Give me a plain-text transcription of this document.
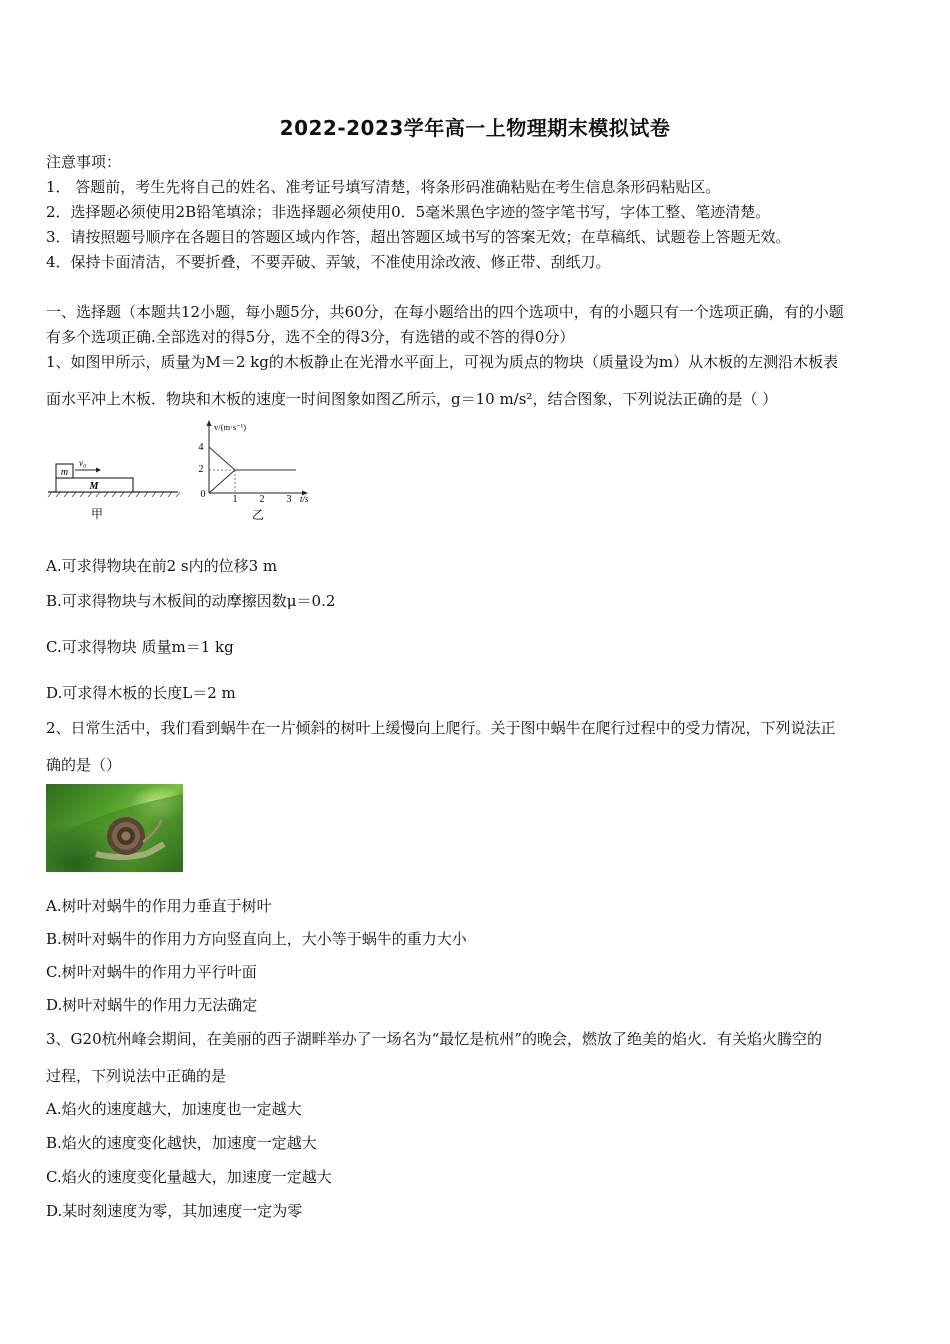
2022-2023学年高一上物理期末模拟试卷
注意事项：
1． 答题前，考生先将自己的姓名、准考证号填写清楚，将条形码准确粘贴在考生信息条形码粘贴区。
2．选择题必须使用2B铅笔填涂；非选择题必须使用0．5毫米黑色字迹的签字笔书写，字体工整、笔迹清楚。
3．请按照题号顺序在各题目的答题区域内作答，超出答题区域书写的答案无效；在草稿纸、试题卷上答题无效。
4．保持卡面清洁，不要折叠，不要弄破、弄皱，不准使用涂改液、修正带、刮纸刀。
一、选择题（本题共12小题，每小题5分，共60分，在每小题给出的四个选项中，有的小题只有一个选项正确，有的小题
有多个选项正确.全部选对的得5分，选不全的得3分，有选错的或不答的得0分）
1、如图甲所示，质量为M＝2 kg的木板静止在光滑水平面上，可视为质点的物块（质量设为m）从木板的左测沿木板表
面水平冲上木板．物块和木板的速度一时间图象如图乙所示，g＝10 m/s²，结合图象，下列说法正确的是（ ）
m
v₀
M
甲
v/(m·s⁻¹)
t/s
4
2
0	1 2 3
乙
A.可求得物块在前2 s内的位移3 m
B.可求得物块与木板间的动摩擦因数μ＝0.2
C.可求得物块 质量m＝1 kg
D.可求得木板的长度L＝2 m
2、日常生活中，我们看到蜗牛在一片倾斜的树叶上缓慢向上爬行。关于图中蜗牛在爬行过程中的受力情况，下列说法正
确的是（）
A.树叶对蜗牛的作用力垂直于树叶
B.树叶对蜗牛的作用力方向竖直向上，大小等于蜗牛的重力大小
C.树叶对蜗牛的作用力平行叶面
D.树叶对蜗牛的作用力无法确定
3、G20杭州峰会期间，在美丽的西子湖畔举办了一场名为“最忆是杭州”的晚会，燃放了绝美的焰火．有关焰火腾空的
过程，下列说法中正确的是
A.焰火的速度越大，加速度也一定越大
B.焰火的速度变化越快，加速度一定越大
C.焰火的速度变化量越大，加速度一定越大
D.某时刻速度为零，其加速度一定为零
